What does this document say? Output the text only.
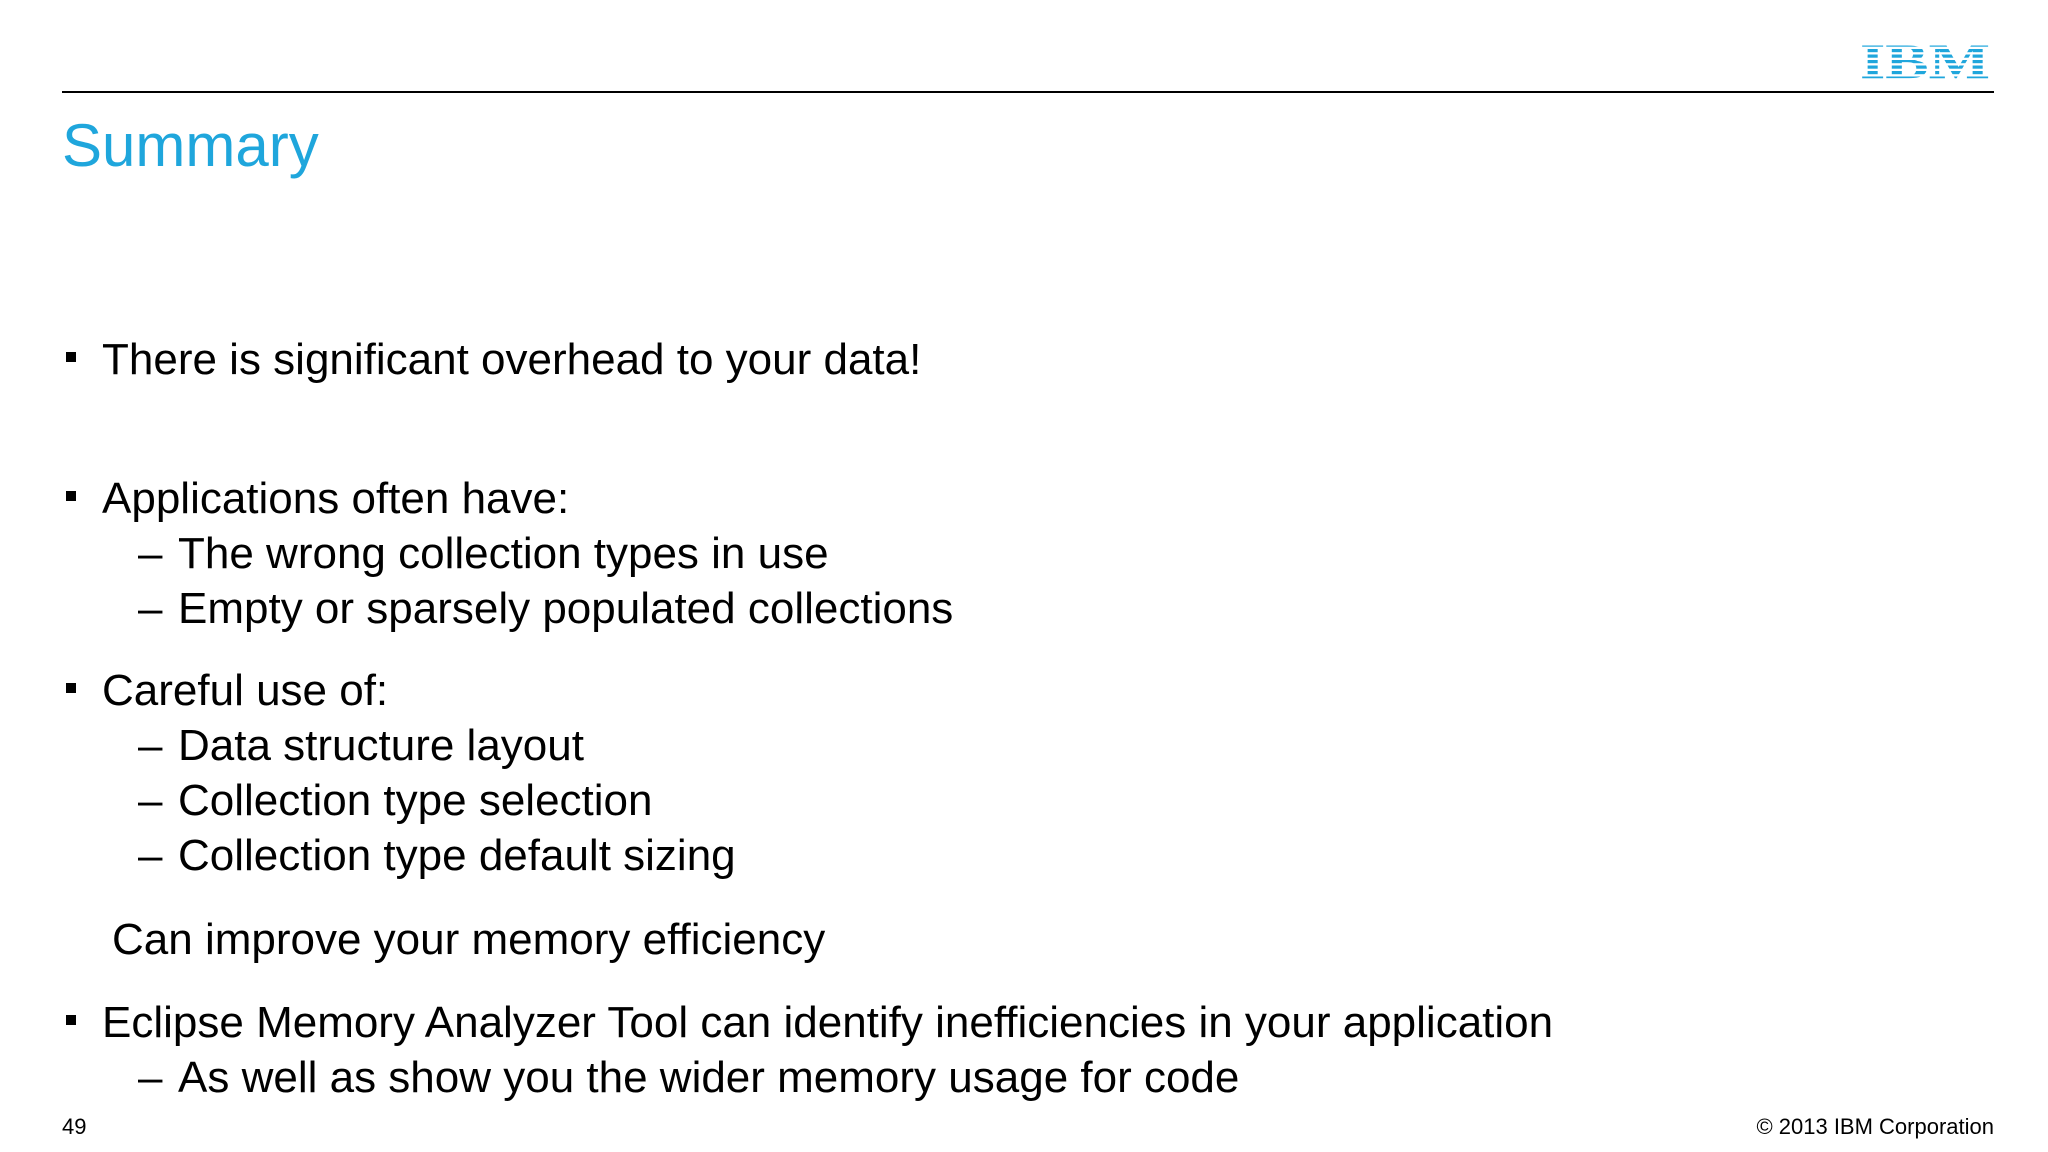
Summary
There is significant overhead to your data!
Applications often have:
– The wrong collection types in use
– Empty or sparsely populated collections
Careful use of:
– Data structure layout
– Collection type selection
– Collection type default sizing
Can improve your memory efficiency
Eclipse Memory Analyzer Tool can identify inefficiencies in your application
– As well as show you the wider memory usage for code
49	© 2013 IBM Corporation
